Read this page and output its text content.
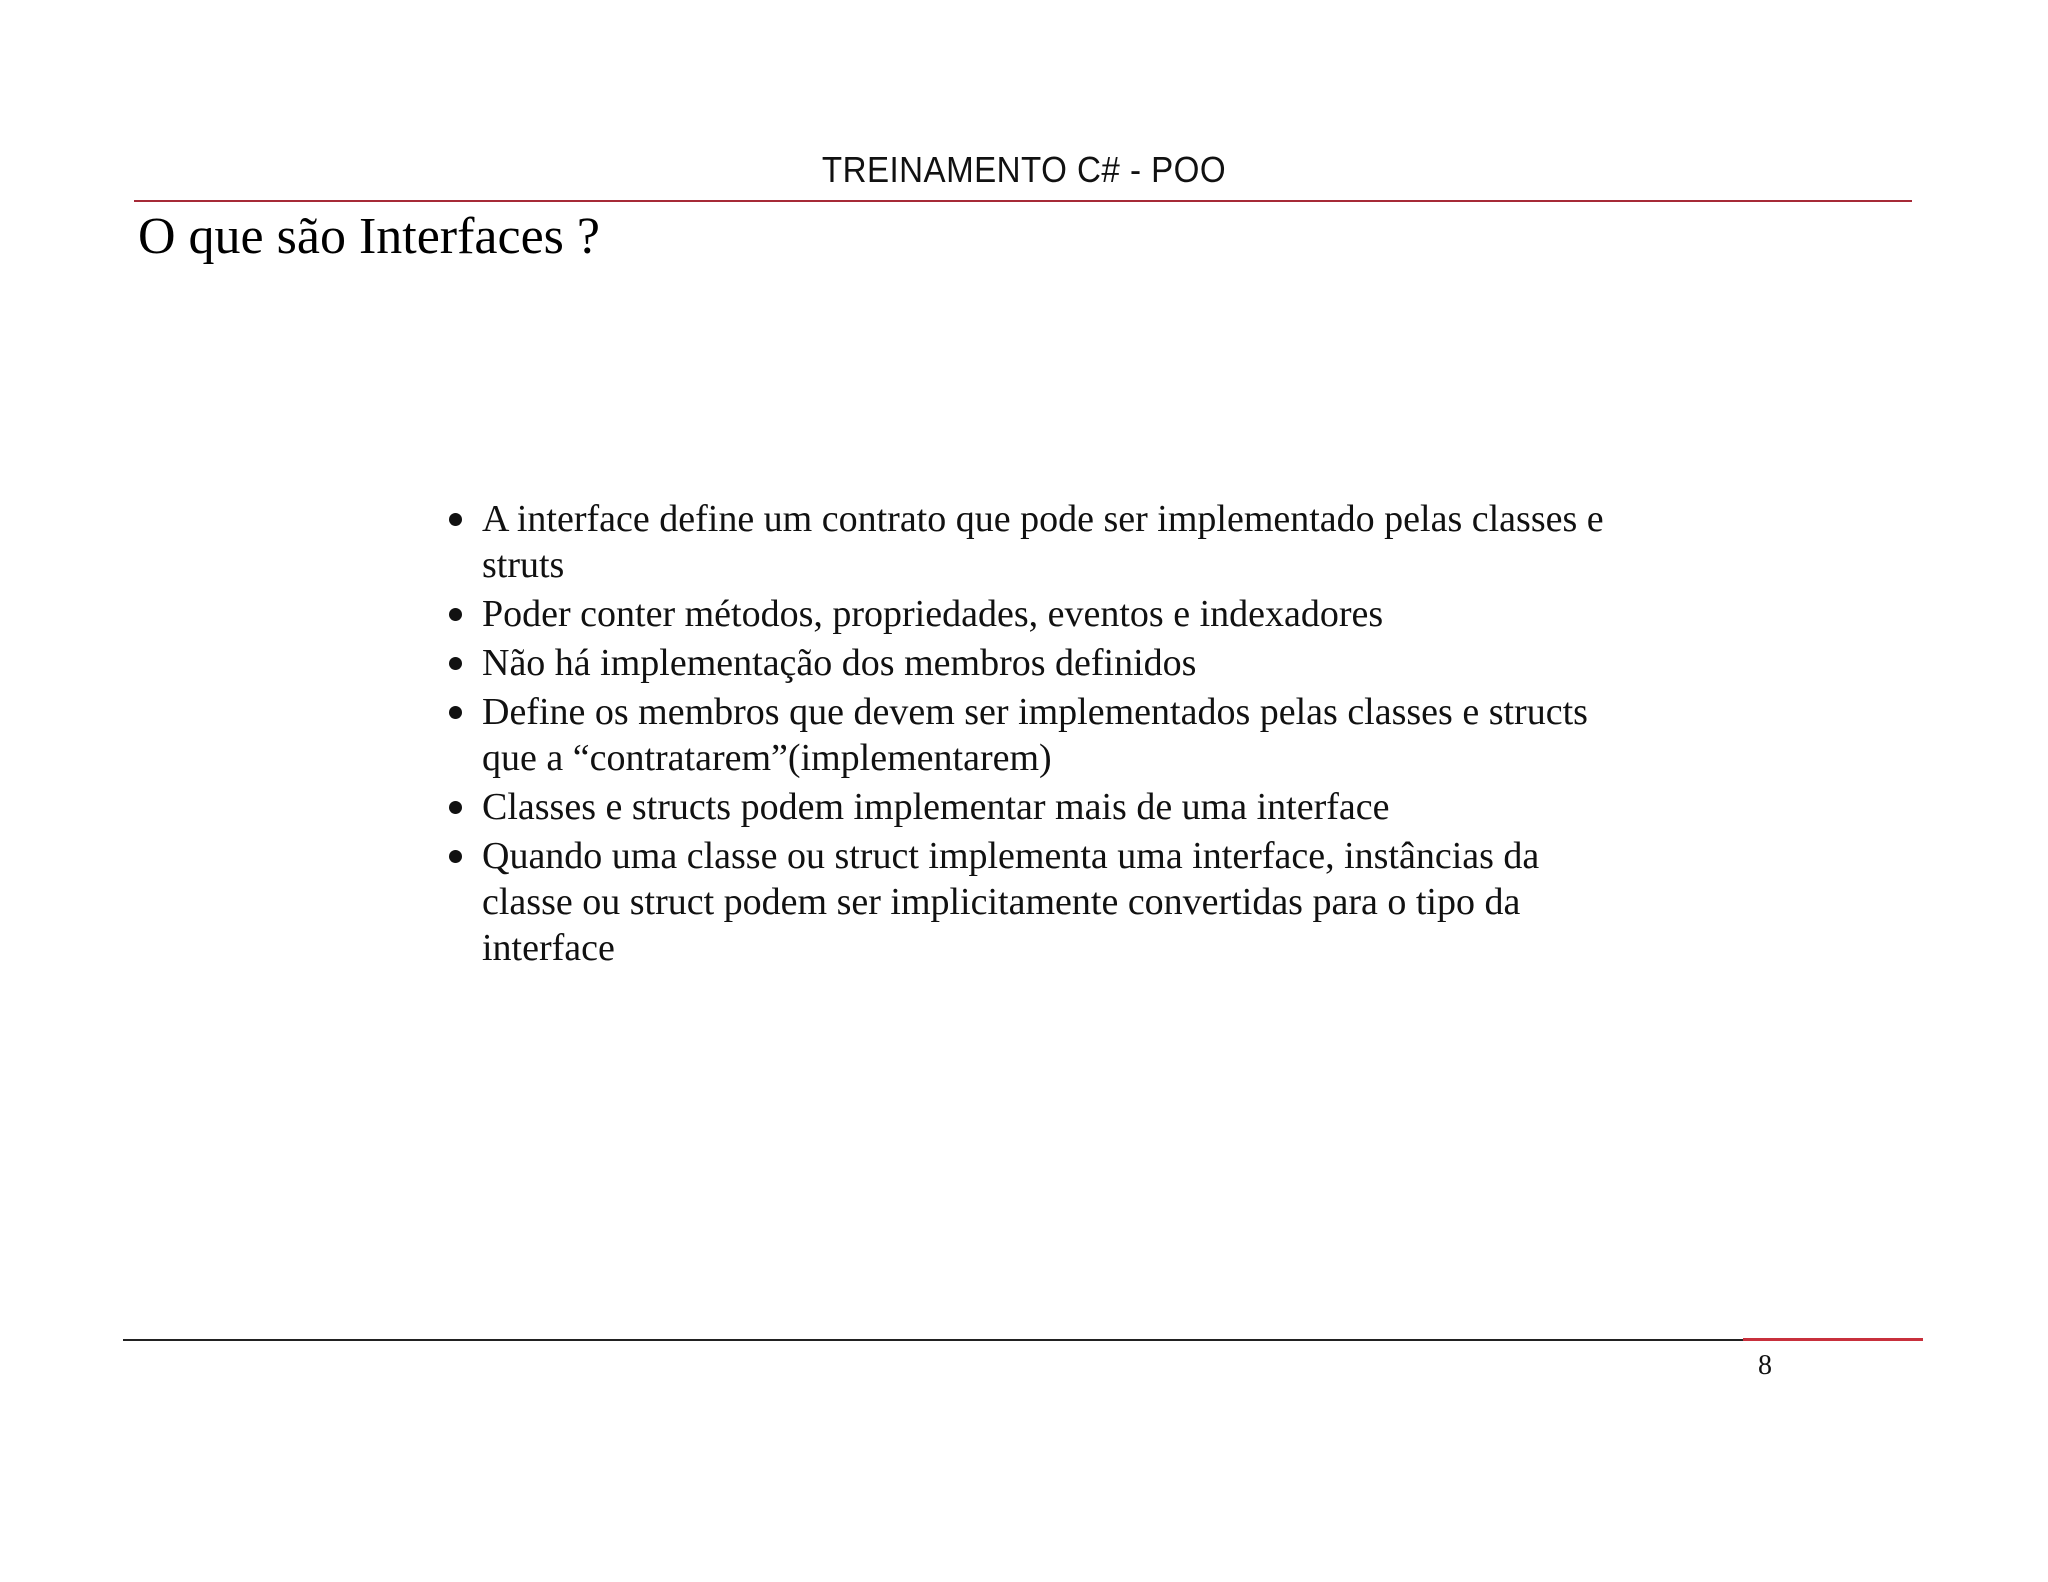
TREINAMENTO C# - POO
O que são Interfaces ?
A interface define um contrato que pode ser implementado pelas classes e struts
Poder conter métodos, propriedades, eventos e indexadores
Não há implementação dos membros definidos
Define os membros que devem ser implementados pelas classes e structs que a “contratarem”(implementarem)
Classes e structs podem implementar mais de uma interface
Quando uma classe ou struct implementa uma interface, instâncias da classe ou struct podem ser implicitamente convertidas para o tipo da interface
8
